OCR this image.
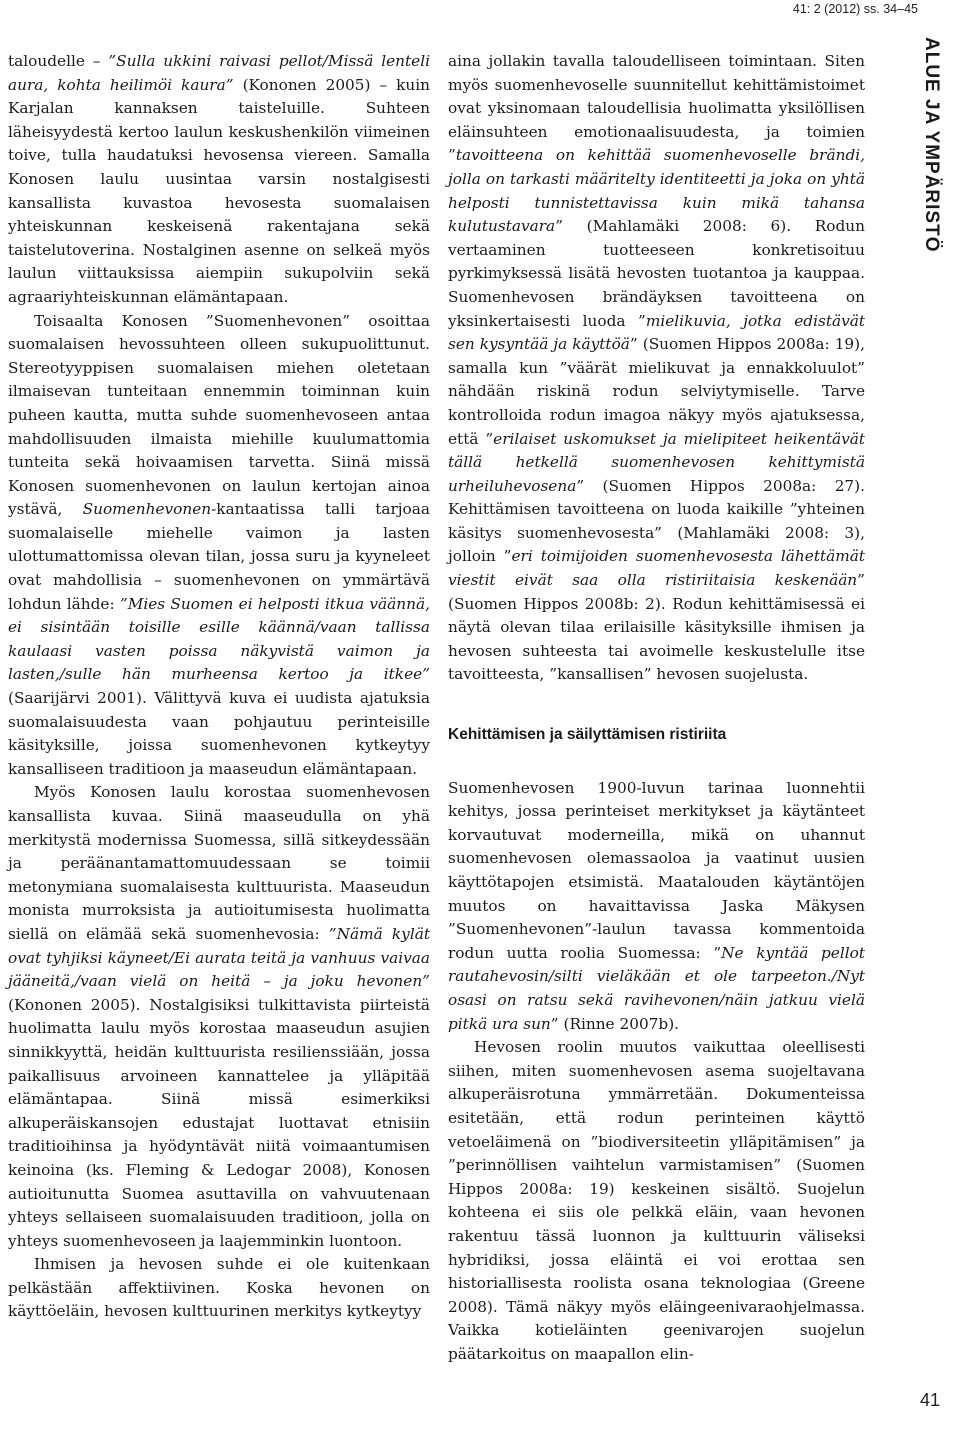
41: 2 (2012) ss. 34–45
ALUE JA YMPÄRISTÖ

taloudelle – ”Sulla ukkini raivasi pellot/Missä lenteli aura, kohta heilimöi kaura” (Kononen 2005) – kuin Karjalan kannaksen taisteluille. Suhteen läheisyydestä kertoo laulun keskushenkilön viimeinen toive, tulla haudatuksi hevosensa viereen. Samalla Konosen laulu uusintaa varsin nostalgisesti kansallista kuvastoa hevosesta suomalaisen yhteiskunnan keskeisenä rakentajana sekä taistelutoverina. Nostalginen asenne on selkeä myös laulun viittauksissa aiempiin sukupolviin sekä agraariyhteiskunnan elämäntapaan.

Toisaalta Konosen ”Suomenhevonen” osoittaa suomalaisen hevossuhteen olleen sukupuolittunut. Stereotyyppisen suomalaisen miehen oletetaan ilmaisevan tunteitaan ennemmin toiminnan kuin puheen kautta, mutta suhde suomenhevoseen antaa mahdollisuuden ilmaista miehille kuulumattomia tunteita sekä hoivaamisen tarvetta. Siinä missä Konosen suomenhevonen on laulun kertojan ainoa ystävä, Suomenhevonen-kantaatissa talli tarjoaa suomalaiselle miehelle vaimon ja lasten ulottumattomissa olevan tilan, jossa suru ja kyyneleet ovat mahdollisia – suomenhevonen on ymmärtävä lohdun lähde: ”Mies Suomen ei helposti itkua väännä, ei sisintään toisille esille käännä/vaan tallissa kaulaasi vasten poissa näkyvistä vaimon ja lasten,/sulle hän murheensa kertoo ja itkee” (Saarijärvi 2001). Välittyvä kuva ei uudista ajatuksia suomalaisuudesta vaan pohjautuu perinteisille käsityksille, joissa suomenhevonen kytkeytyy kansalliseen traditioon ja maaseudun elämäntapaan.

Myös Konosen laulu korostaa suomenhevosen kansallista kuvaa. Siinä maaseudulla on yhä merkitystä modernissa Suomessa, sillä sitkeydessään ja peräänantamattomuudessaan se toimii metonymiana suomalaisesta kulttuurista. Maaseudun monista murroksista ja autioitumisesta huolimatta siellä on elämää sekä suomenhevosia: ”Nämä kylät ovat tyhjiksi käyneet/Ei aurata teitä ja vanhuus vaivaa jääneitä,/vaan vielä on heitä – ja joku hevonen” (Kononen 2005). Nostalgisiksi tulkittavista piirteistä huolimatta laulu myös korostaa maaseudun asujien sinnikkyyttä, heidän kulttuurista resilienssiään, jossa paikallisuus arvoineen kannattelee ja ylläpitää elämäntapaa. Siinä missä esimerkiksi alkuperäiskansojen edustajat luottavat etnisiin traditioihinsa ja hyödyntävät niitä voimaantumisen keinoina (ks. Fleming & Ledogar 2008), Konosen autioitunutta Suomea asuttavilla on vahvuutenaan yhteys sellaiseen suomalaisuuden traditioon, jolla on yhteys suomenhevoseen ja laajemminkin luontoon.

Ihmisen ja hevosen suhde ei ole kuitenkaan pelkästään affektiivinen. Koska hevonen on käyttöeläin, hevosen kulttuurinen merkitys kytkeytyy

aina jollakin tavalla taloudelliseen toimintaan. Siten myös suomenhevoselle suunnitellut kehittämistoimet ovat yksinomaan taloudellisia huolimatta yksilöllisen eläinsuhteen emotionaalisuudesta, ja toimien ”tavoitteena on kehittää suomenhevoselle brändi, jolla on tarkasti määritelty identiteetti ja joka on yhtä helposti tunnistettavissa kuin mikä tahansa kulutustavara” (Mahlamäki 2008: 6). Rodun vertaaminen tuotteeseen konkretisoituu pyrkimyksessä lisätä hevosten tuotantoa ja kauppaa. Suomenhevosen brändäyksen tavoitteena on yksinkertaisesti luoda ”mielikuvia, jotka edistävät sen kysyntää ja käyttöä” (Suomen Hippos 2008a: 19), samalla kun ”väärät mielikuvat ja ennakkoluulot” nähdään riskinä rodun selviytymiselle. Tarve kontrolloida rodun imagoa näkyy myös ajatuksessa, että ”erilaiset uskomukset ja mielipiteet heikentävät tällä hetkellä suomenhevosen kehittymistä urheiluhevosena” (Suomen Hippos 2008a: 27). Kehittämisen tavoitteena on luoda kaikille ”yhteinen käsitys suomenhevosesta” (Mahlamäki 2008: 3), jolloin ”eri toimijoiden suomenhevosesta lähettämät viestit eivät saa olla ristiriitaisia keskenään” (Suomen Hippos 2008b: 2). Rodun kehittämisessä ei näytä olevan tilaa erilaisille käsityksille ihmisen ja hevosen suhteesta tai avoimelle keskustelulle itse tavoitteesta, ”kansallisen” hevosen suojelusta.

Kehittämisen ja säilyttämisen ristiriita

Suomenhevosen 1900-luvun tarinaa luonnehtii kehitys, jossa perinteiset merkitykset ja käytänteet korvautuvat moderneilla, mikä on uhannut suomenhevosen olemassaoloa ja vaatinut uusien käyttötapojen etsimistä. Maatalouden käytäntöjen muutos on havaittavissa Jaska Mäkysen ”Suomenhevonen”-laulun tavassa kommentoida rodun uutta roolia Suomessa: ”Ne kyntää pellot rautahevosin/silti vieläkään et ole tarpeeton./Nyt osasi on ratsu sekä ravihevonen/näin jatkuu vielä pitkä ura sun” (Rinne 2007b).

Hevosen roolin muutos vaikuttaa oleellisesti siihen, miten suomenhevosen asema suojeltavana alkuperäisrotuna ymmärretään. Dokumenteissa esitetään, että rodun perinteinen käyttö vetoeläimenä on ”biodiversiteetin ylläpitämisen” ja ”perinnöllisen vaihtelun varmistamisen” (Suomen Hippos 2008a: 19) keskeinen sisältö. Suojelun kohteena ei siis ole pelkkä eläin, vaan hevonen rakentuu tässä luonnon ja kulttuurin väliseksi hybridiksi, jossa eläintä ei voi erottaa sen historiallisesta roolista osana teknologiaa (Greene 2008). Tämä näkyy myös eläingeenivaraohjelmassa. Vaikka kotieläinten geenivarojen suojelun päätarkoitus on maapallon elin-

41
